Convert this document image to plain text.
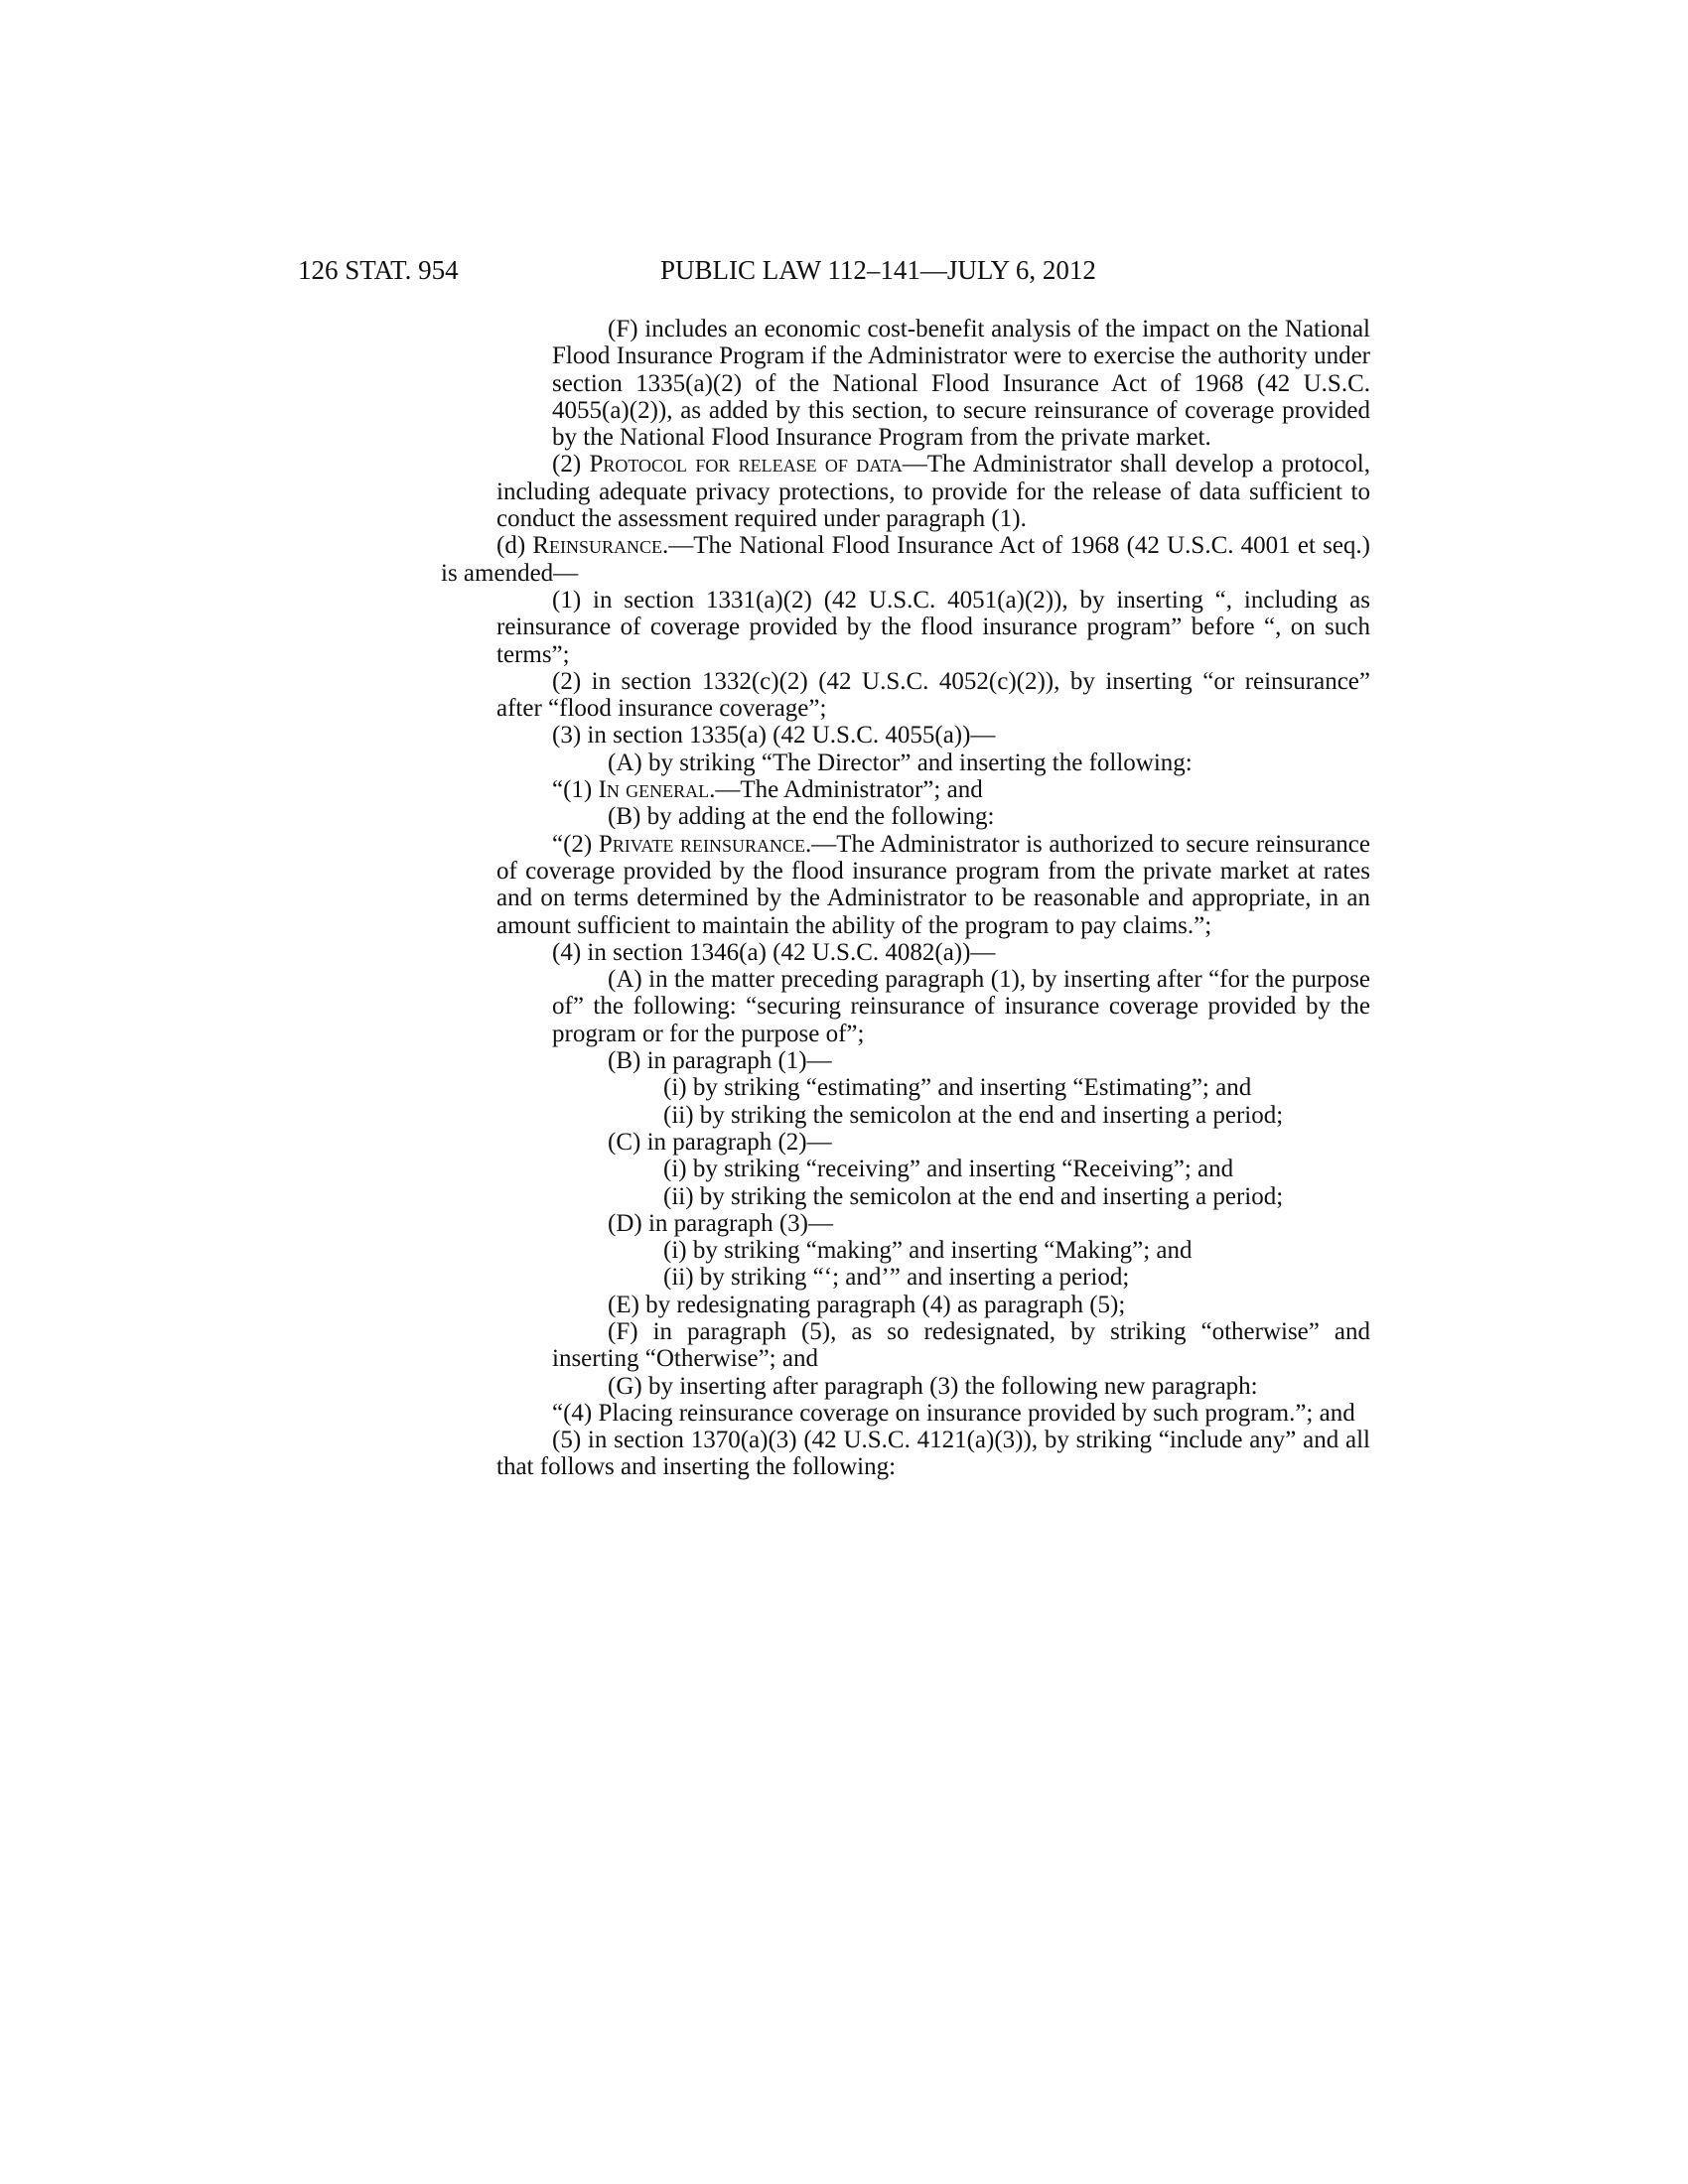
126 STAT. 954	PUBLIC LAW 112–141—JULY 6, 2012

(F) includes an economic cost-benefit analysis of the impact on the National Flood Insurance Program if the Administrator were to exercise the authority under section 1335(a)(2) of the National Flood Insurance Act of 1968 (42 U.S.C. 4055(a)(2)), as added by this section, to secure reinsurance of coverage provided by the National Flood Insurance Program from the private market.

(2) Protocol for release of data—The Administrator shall develop a protocol, including adequate privacy protections, to provide for the release of data sufficient to conduct the assessment required under paragraph (1).

(d) Reinsurance.—The National Flood Insurance Act of 1968 (42 U.S.C. 4001 et seq.) is amended—

(1) in section 1331(a)(2) (42 U.S.C. 4051(a)(2)), by inserting “, including as reinsurance of coverage provided by the flood insurance program” before “, on such terms”;

(2) in section 1332(c)(2) (42 U.S.C. 4052(c)(2)), by inserting “or reinsurance” after “flood insurance coverage”;

(3) in section 1335(a) (42 U.S.C. 4055(a))—

(A) by striking “The Director” and inserting the following:

“(1) In general.—The Administrator”; and

(B) by adding at the end the following:

“(2) Private reinsurance.—The Administrator is authorized to secure reinsurance of coverage provided by the flood insurance program from the private market at rates and on terms determined by the Administrator to be reasonable and appropriate, in an amount sufficient to maintain the ability of the program to pay claims.”;

(4) in section 1346(a) (42 U.S.C. 4082(a))—

(A) in the matter preceding paragraph (1), by inserting after “for the purpose of” the following: “securing reinsurance of insurance coverage provided by the program or for the purpose of”;

(B) in paragraph (1)—

(i) by striking “estimating” and inserting “Estimating”; and

(ii) by striking the semicolon at the end and inserting a period;

(C) in paragraph (2)—

(i) by striking “receiving” and inserting “Receiving”; and

(ii) by striking the semicolon at the end and inserting a period;

(D) in paragraph (3)—

(i) by striking “making” and inserting “Making”; and

(ii) by striking “‘; and’” and inserting a period;

(E) by redesignating paragraph (4) as paragraph (5);

(F) in paragraph (5), as so redesignated, by striking “otherwise” and inserting “Otherwise”; and

(G) by inserting after paragraph (3) the following new paragraph:

“(4) Placing reinsurance coverage on insurance provided by such program.”; and

(5) in section 1370(a)(3) (42 U.S.C. 4121(a)(3)), by striking “include any” and all that follows and inserting the following:
